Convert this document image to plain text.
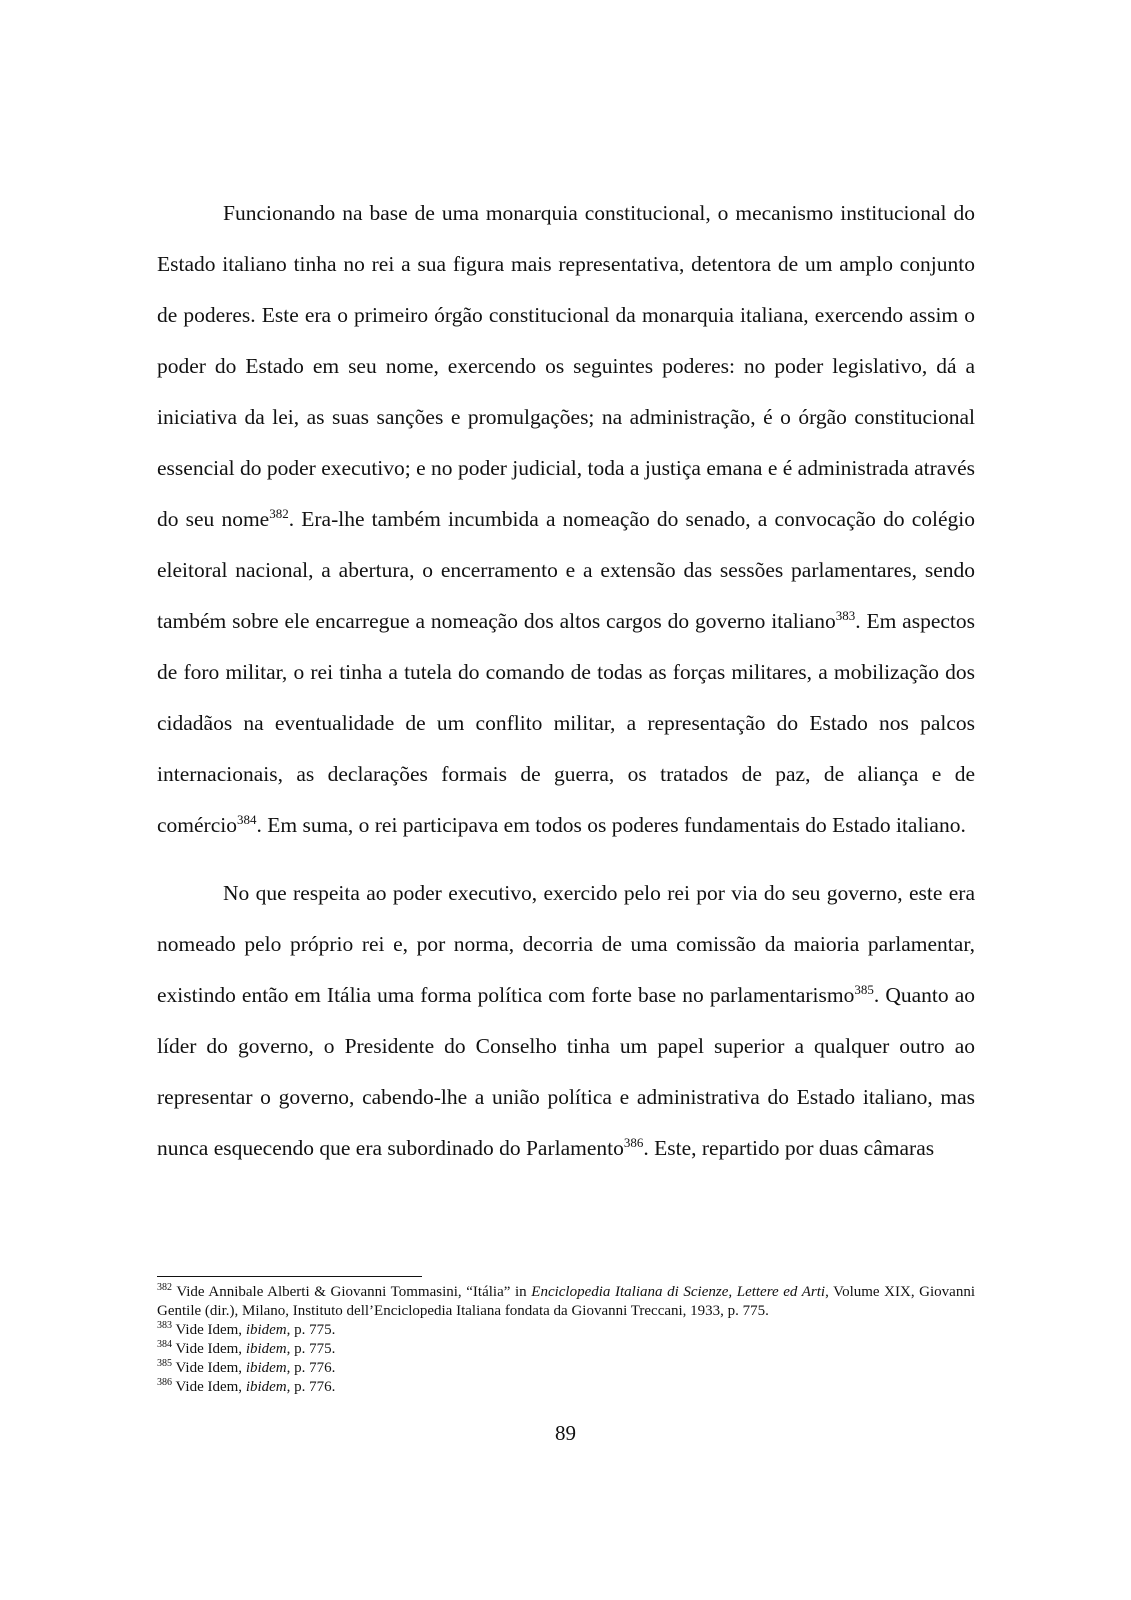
Funcionando na base de uma monarquia constitucional, o mecanismo institucional do Estado italiano tinha no rei a sua figura mais representativa, detentora de um amplo conjunto de poderes. Este era o primeiro órgão constitucional da monarquia italiana, exercendo assim o poder do Estado em seu nome, exercendo os seguintes poderes: no poder legislativo, dá a iniciativa da lei, as suas sanções e promulgações; na administração, é o órgão constitucional essencial do poder executivo; e no poder judicial, toda a justiça emana e é administrada através do seu nome$^{382}$. Era-lhe também incumbida a nomeação do senado, a convocação do colégio eleitoral nacional, a abertura, o encerramento e a extensão das sessões parlamentares, sendo também sobre ele encarregue a nomeação dos altos cargos do governo italiano$^{383}$. Em aspectos de foro militar, o rei tinha a tutela do comando de todas as forças militares, a mobilização dos cidadãos na eventualidade de um conflito militar, a representação do Estado nos palcos internacionais, as declarações formais de guerra, os tratados de paz, de aliança e de comércio$^{384}$. Em suma, o rei participava em todos os poderes fundamentais do Estado italiano.

No que respeita ao poder executivo, exercido pelo rei por via do seu governo, este era nomeado pelo próprio rei e, por norma, decorria de uma comissão da maioria parlamentar, existindo então em Itália uma forma política com forte base no parlamentarismo$^{385}$. Quanto ao líder do governo, o Presidente do Conselho tinha um papel superior a qualquer outro ao representar o governo, cabendo-lhe a união política e administrativa do Estado italiano, mas nunca esquecendo que era subordinado do Parlamento$^{386}$. Este, repartido por duas câmaras

$^{382}$ Vide Annibale Alberti & Giovanni Tommasini, “Itália” in Enciclopedia Italiana di Scienze, Lettere ed Arti, Volume XIX, Giovanni Gentile (dir.), Milano, Instituto dell’Enciclopedia Italiana fondata da Giovanni Treccani, 1933, p. 775.

$^{383}$ Vide Idem, ibidem, p. 775.

$^{384}$ Vide Idem, ibidem, p. 775.

$^{385}$ Vide Idem, ibidem, p. 776.

$^{386}$ Vide Idem, ibidem, p. 776.

89
